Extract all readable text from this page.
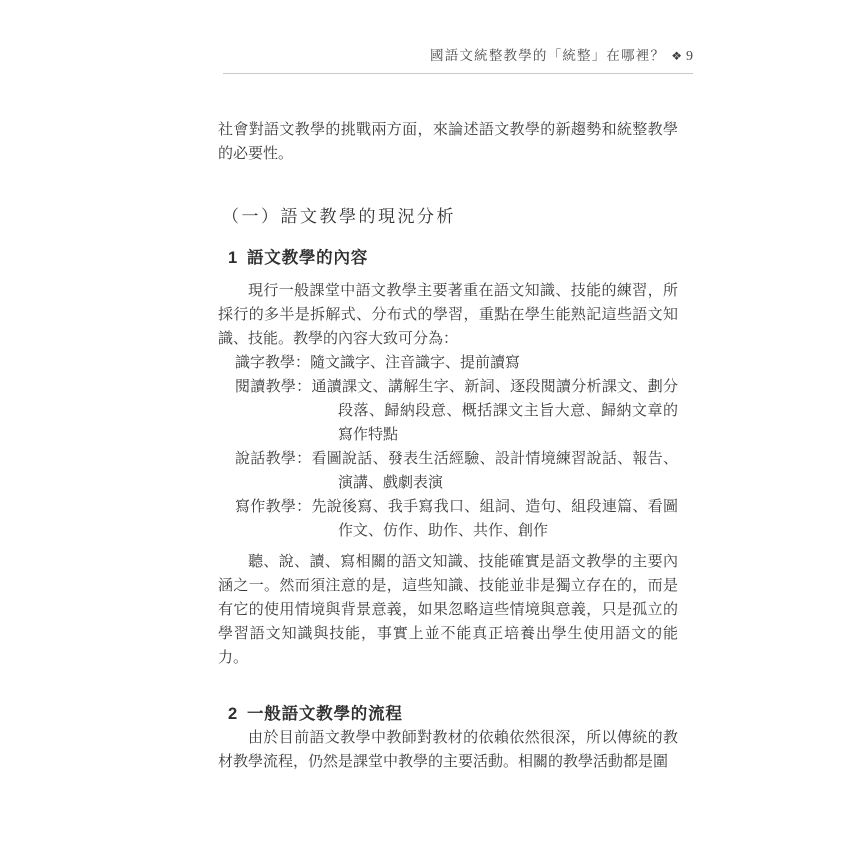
國語文統整教學的「統整」在哪裡？ ❖ 9

社會對語文教學的挑戰兩方面，來論述語文教學的新趨勢和統整教學的必要性。

（一）語文教學的現況分析
1 語文教學的內容

現行一般課堂中語文教學主要著重在語文知識、技能的練習，所採行的多半是拆解式、分布式的學習，重點在學生能熟記這些語文知識、技能。教學的內容大致可分為：

識字教學：隨文識字、注音識字、提前讀寫
閱讀教學：通讀課文、講解生字、新詞、逐段閱讀分析課文、劃分段落、歸納段意、概括課文主旨大意、歸納文章的寫作特點
說話教學：看圖說話、發表生活經驗、設計情境練習說話、報告、演講、戲劇表演
寫作教學：先說後寫、我手寫我口、組詞、造句、組段連篇、看圖作文、仿作、助作、共作、創作

聽、說、讀、寫相關的語文知識、技能確實是語文教學的主要內涵之一。然而須注意的是，這些知識、技能並非是獨立存在的，而是有它的使用情境與背景意義，如果忽略這些情境與意義，只是孤立的學習語文知識與技能，事實上並不能真正培養出學生使用語文的能力。

2 一般語文教學的流程

由於目前語文教學中教師對教材的依賴依然很深，所以傳統的教材教學流程，仍然是課堂中教學的主要活動。相關的教學活動都是圍
